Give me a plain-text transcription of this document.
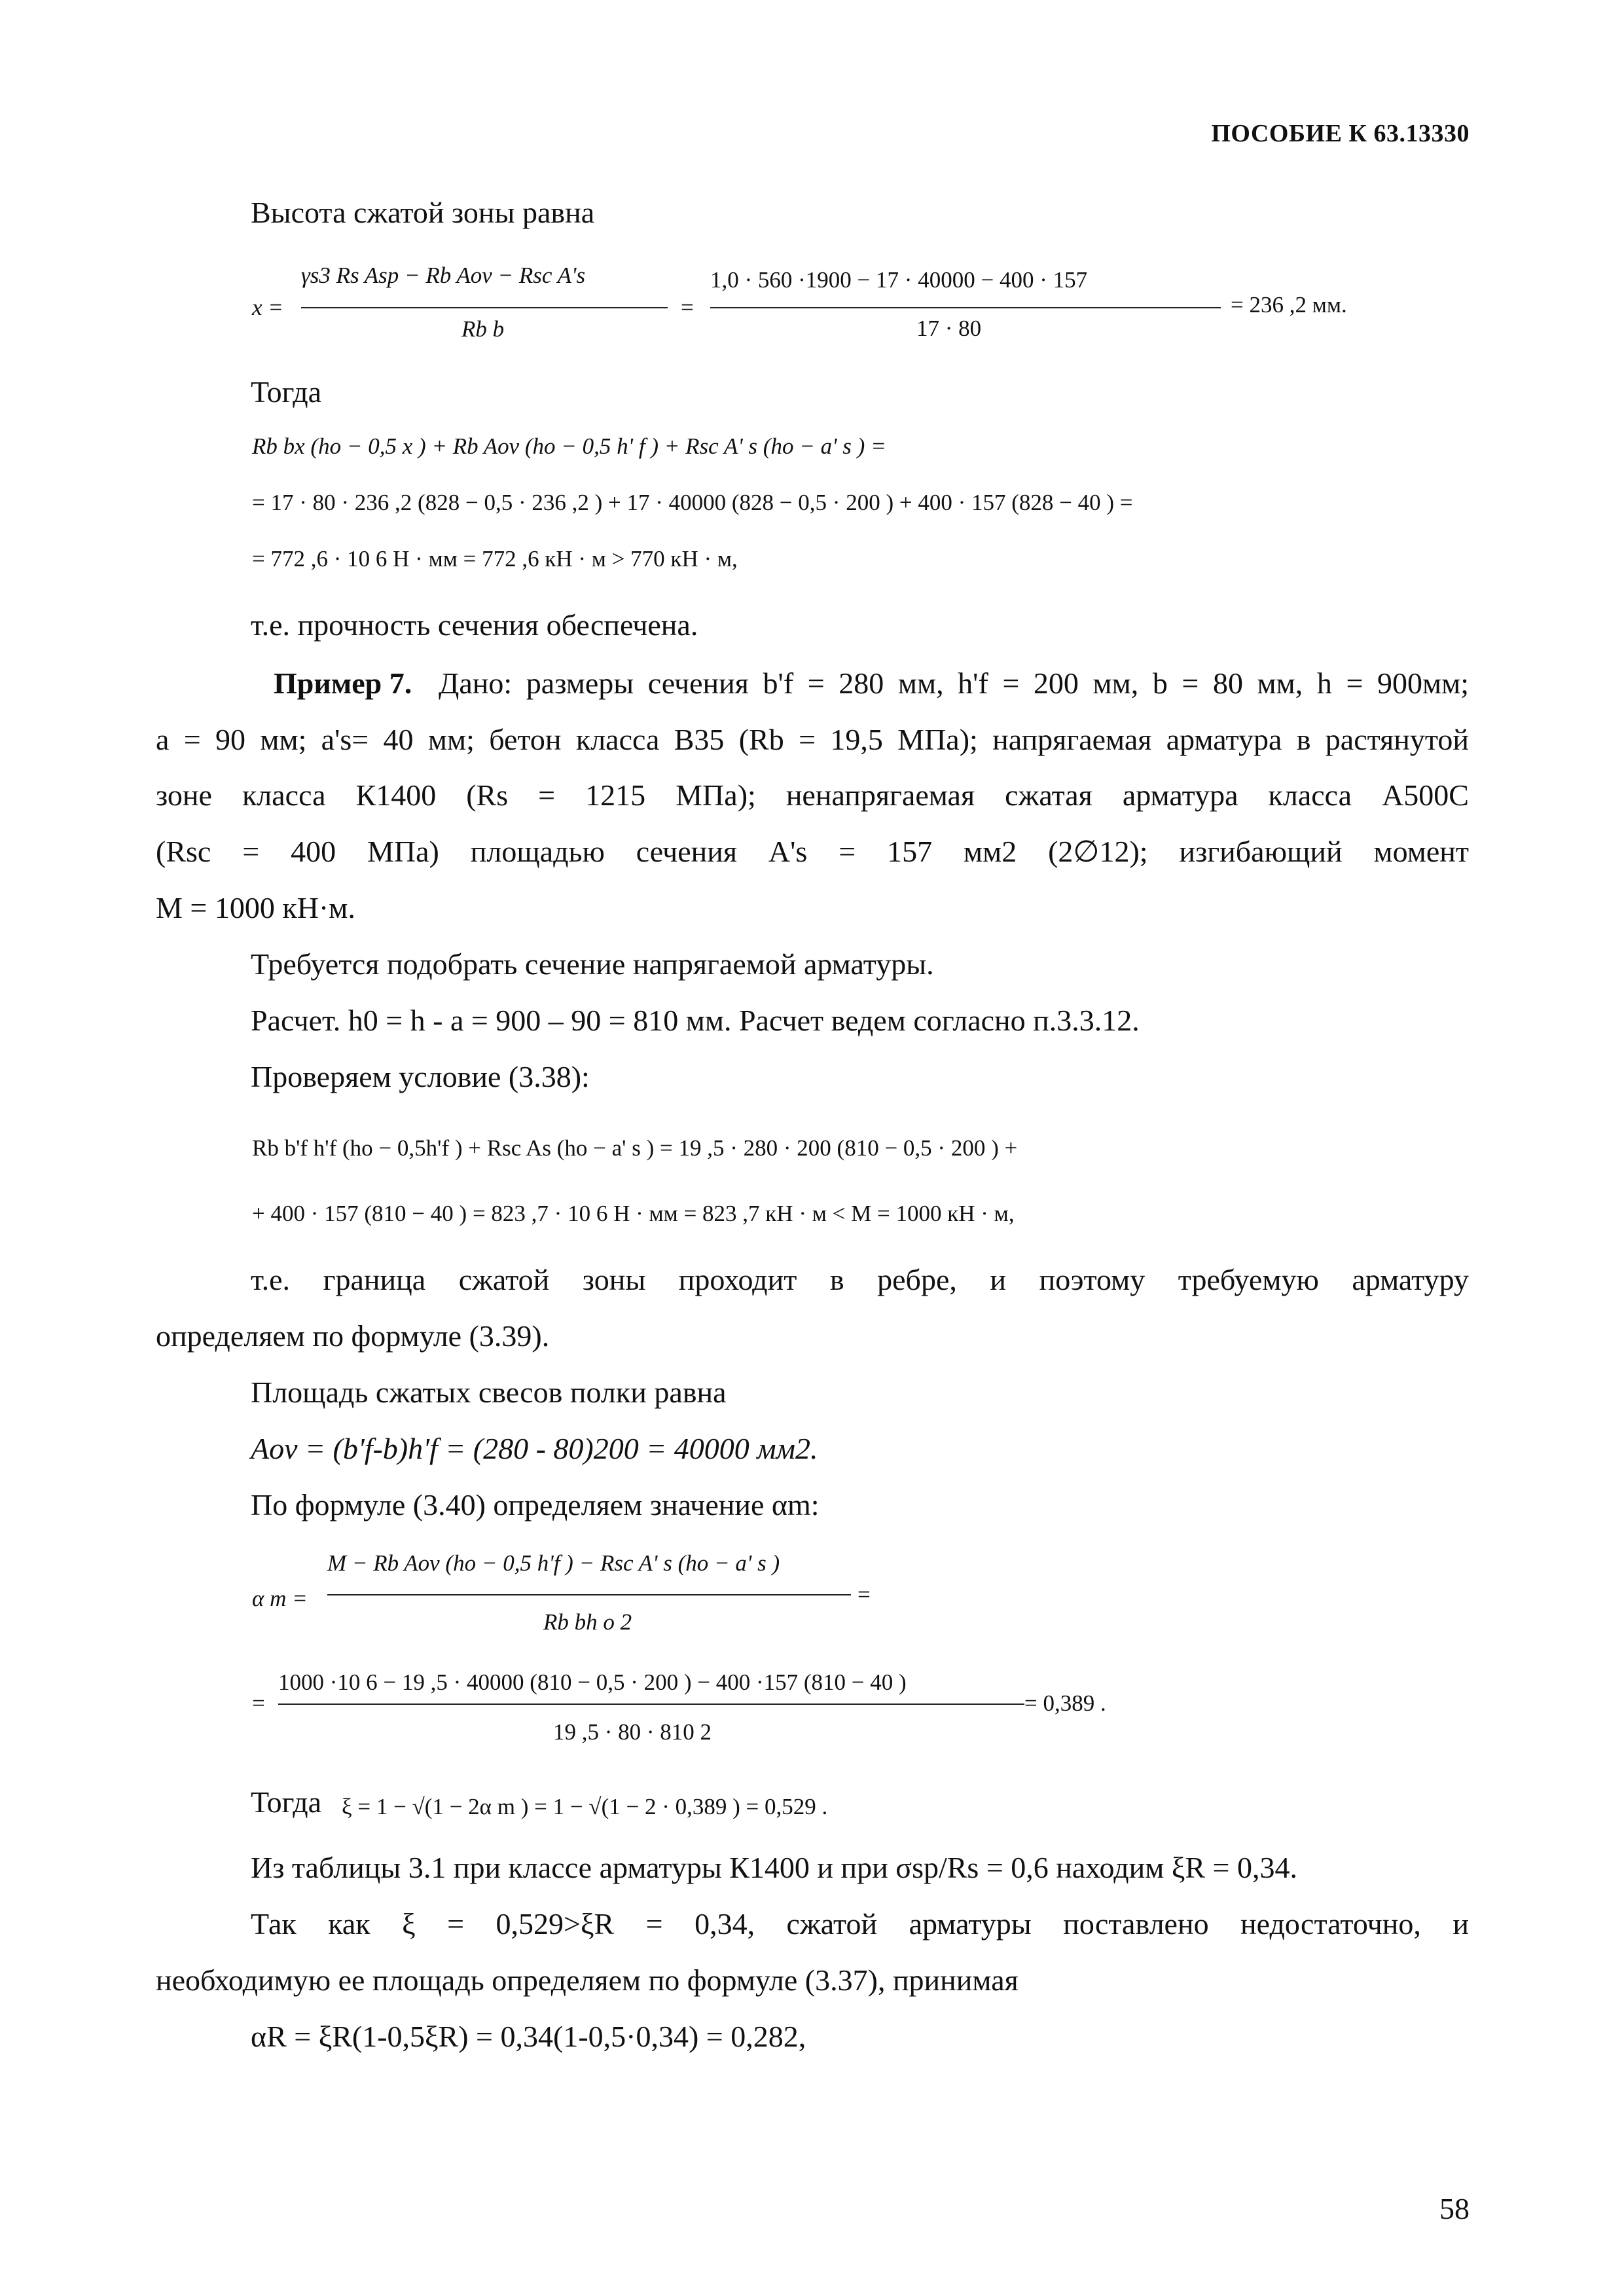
ПОСОБИЕ К 63.13330
Высота сжатой зоны равна
x =
γs3 Rs Asp − Rb Aov − Rsc A's
Rb b
=
1,0 · 560 ·1900 − 17 · 40000 − 400 · 157
17 · 80
= 236 ,2 мм.
Тогда
Rb bx (ho − 0,5 x ) + Rb Aov (ho − 0,5 h' f ) + Rsc A' s (ho − a' s ) =
= 17 · 80 · 236 ,2 (828 − 0,5 · 236 ,2 ) + 17 · 40000 (828 − 0,5 · 200 ) + 400 · 157 (828 − 40 ) =
= 772 ,6 · 10 6 Н · мм = 772 ,6 кН · м > 770 кН · м,
т.е. прочность сечения обеспечена.
Пример 7. Дано: размеры сечения b'f = 280 мм, h'f = 200 мм, b = 80 мм, h = 900мм;
a = 90 мм; a's= 40 мм; бетон класса В35 (Rb = 19,5 МПа); напрягаемая арматура в растянутой
зоне класса К1400 (Rs = 1215 МПа); ненапрягаемая сжатая арматура класса А500С
(Rsc = 400 МПа) площадью сечения A's = 157 мм2 (2∅12); изгибающий момент
M = 1000 кН·м.
Требуется подобрать сечение напрягаемой арматуры.
Расчет. h0 = h - a = 900 – 90 = 810 мм. Расчет ведем согласно п.3.3.12.
Проверяем условие (3.38):
Rb b'f h'f (ho − 0,5h'f ) + Rsc As (ho − a' s ) = 19 ,5 · 280 · 200 (810 − 0,5 · 200 ) +
+ 400 · 157 (810 − 40 ) = 823 ,7 · 10 6 Н · мм = 823 ,7 кН · м < M = 1000 кН · м,
т.е. граница сжатой зоны проходит в ребре, и поэтому требуемую арматуру
определяем по формуле (3.39).
Площадь сжатых свесов полки равна
Aov = (b'f-b)h'f = (280 - 80)200 = 40000 мм2.
По формуле (3.40) определяем значение αm:
α m =
M − Rb Aov (ho − 0,5 h'f ) − Rsc A' s (ho − a' s )
Rb bh o 2
=
=
1000 ·10 6 − 19 ,5 · 40000 (810 − 0,5 · 200 ) − 400 ·157 (810 − 40 )
19 ,5 · 80 · 810 2
= 0,389 .
Тогда ξ = 1 − √(1 − 2α m ) = 1 − √(1 − 2 · 0,389 ) = 0,529 .
Из таблицы 3.1 при классе арматуры К1400 и при σsp/Rs = 0,6 находим ξR = 0,34.
Так как ξ = 0,529>ξR = 0,34, сжатой арматуры поставлено недостаточно, и
необходимую ее площадь определяем по формуле (3.37), принимая
αR = ξR(1-0,5ξR) = 0,34(1-0,5·0,34) = 0,282,
58
